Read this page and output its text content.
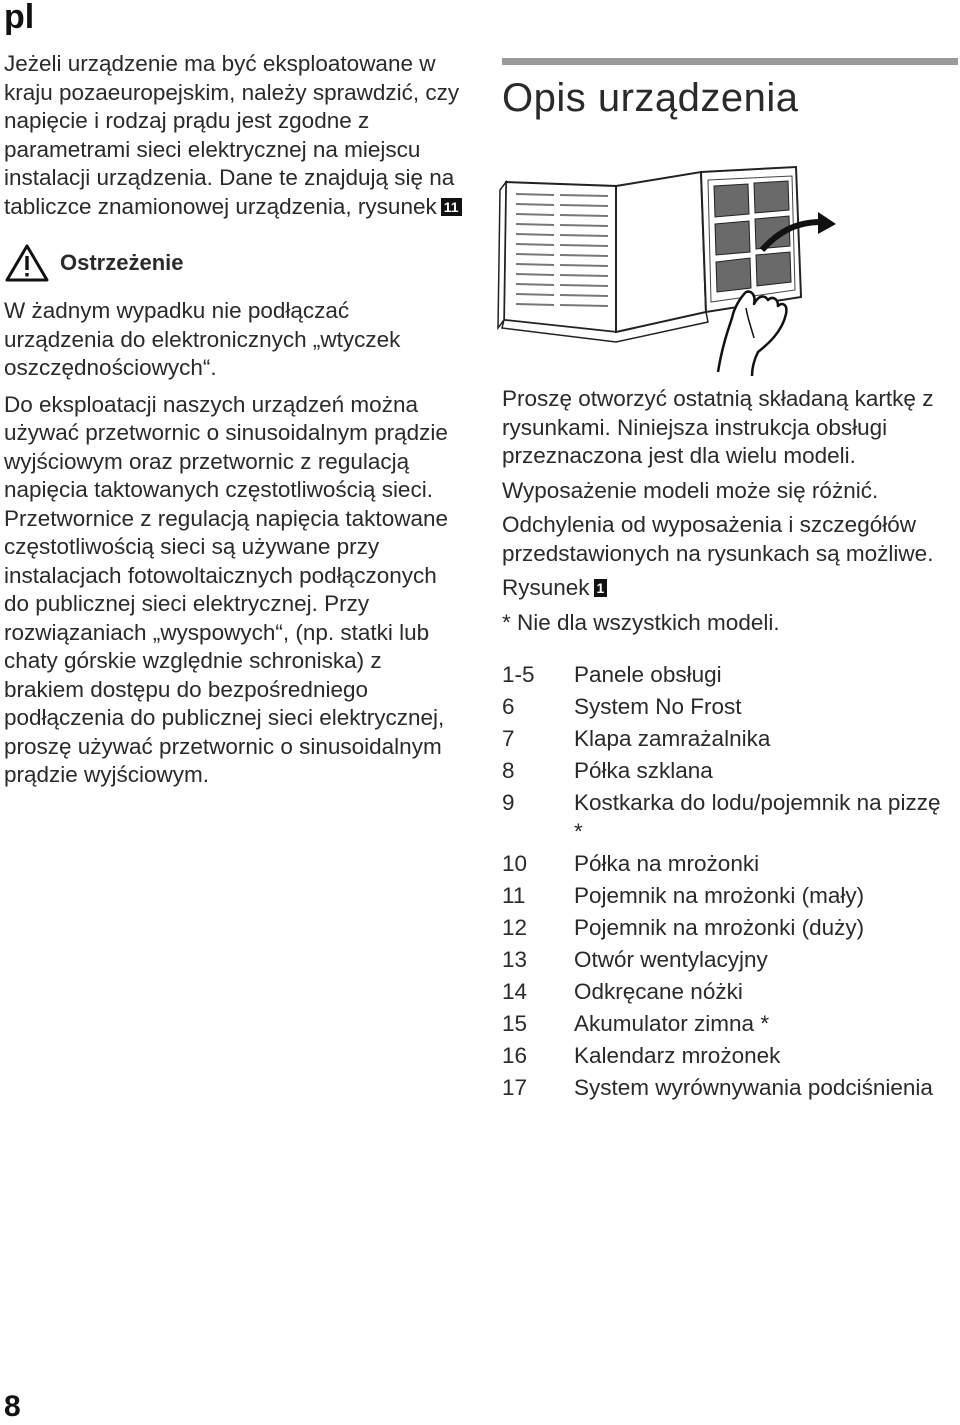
pl

Jeżeli urządzenie ma być eksploatowane w kraju pozaeuropejskim, należy sprawdzić, czy napięcie i rodzaj prądu jest zgodne z parametrami sieci elektrycznej na miejscu instalacji urządzenia. Dane te znajdują się na tabliczce znamionowej urządzenia, rysunek 11

Ostrzeżenie

W żadnym wypadku nie podłączać urządzenia do elektronicznych „wtyczek oszczędnościowych“.

Do eksploatacji naszych urządzeń można używać przetwornic o sinusoidalnym prądzie wyjściowym oraz przetwornic z regulacją napięcia taktowanych częstotliwością sieci. Przetwornice z regulacją napięcia taktowane częstotliwością sieci są używane przy instalacjach fotowoltaicznych podłączonych do publicznej sieci elektrycznej. Przy rozwiązaniach „wyspowych“, (np. statki lub chaty górskie względnie schroniska) z brakiem dostępu do bezpośredniego podłączenia do publicznej sieci elektrycznej, proszę używać przetwornic o sinusoidalnym prądzie wyjściowym.

Opis urządzenia

Proszę otworzyć ostatnią składaną kartkę z rysunkami. Niniejsza instrukcja obsługi przeznaczona jest dla wielu modeli.

Wyposażenie modeli może się różnić.

Odchylenia od wyposażenia i szczegółów przedstawionych na rysunkach są możliwe.

Rysunek 1

* Nie dla wszystkich modeli.

1-5	Panele obsługi
6	System No Frost
7	Klapa zamrażalnika
8	Półka szklana
9	Kostkarka do lodu/pojemnik na pizzę *
10	Półka na mrożonki
11	Pojemnik na mrożonki (mały)
12	Pojemnik na mrożonki (duży)
13	Otwór wentylacyjny
14	Odkręcane nóżki
15	Akumulator zimna *
16	Kalendarz mrożonek
17	System wyrównywania podciśnienia
8
